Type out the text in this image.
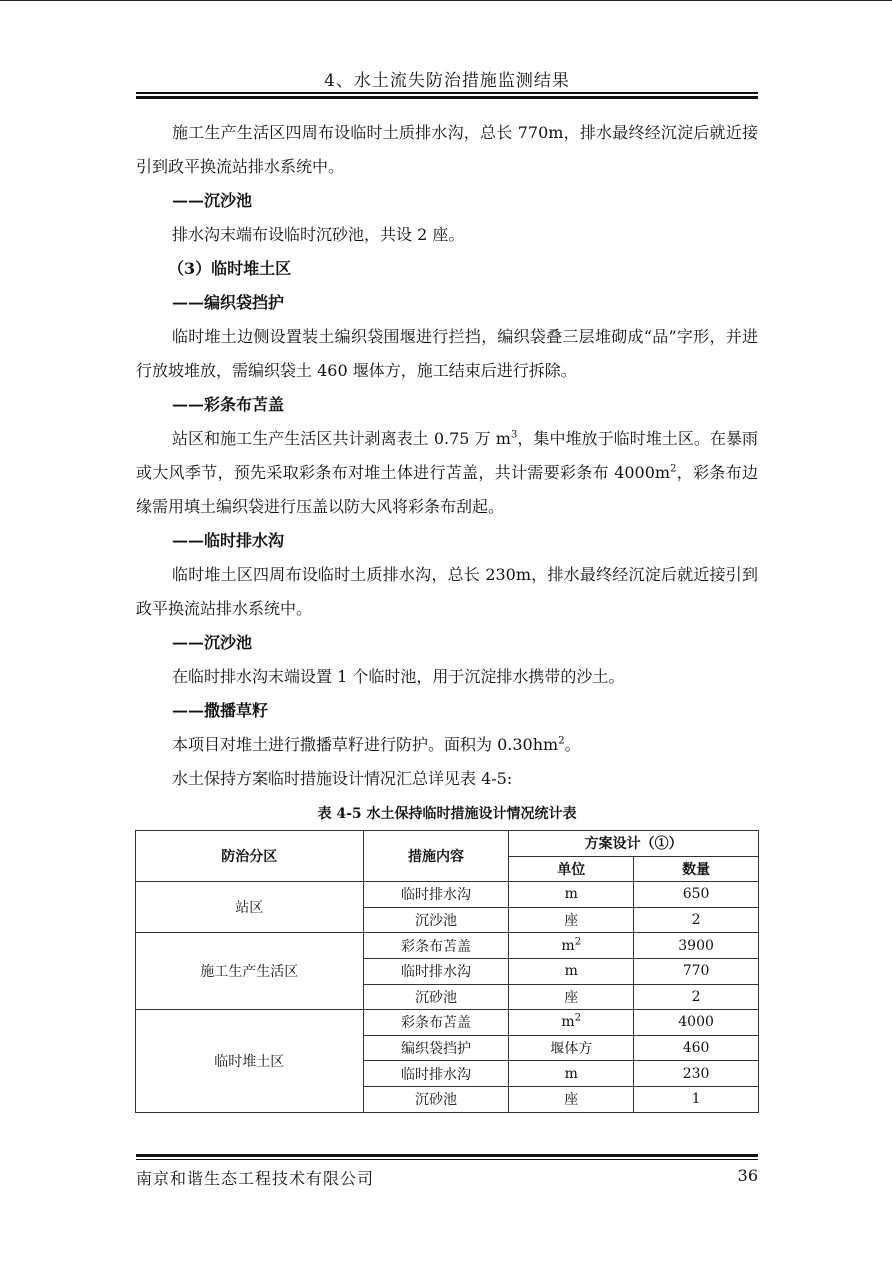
4、水土流失防治措施监测结果

施工生产生活区四周布设临时土质排水沟，总长 770m，排水最终经沉淀后就近接引到政平换流站排水系统中。

——沉沙池

排水沟末端布设临时沉砂池，共设 2 座。

（3）临时堆土区

——编织袋挡护

临时堆土边侧设置装土编织袋围堰进行拦挡，编织袋叠三层堆砌成“品”字形，并进行放坡堆放，需编织袋土 460 堰体方，施工结束后进行拆除。

——彩条布苫盖

站区和施工生产生活区共计剥离表土 0.75 万 $m^3$，集中堆放于临时堆土区。在暴雨或大风季节，预先采取彩条布对堆土体进行苫盖，共计需要彩条布 $4000m^2$，彩条布边缘需用填土编织袋进行压盖以防大风将彩条布刮起。

——临时排水沟

临时堆土区四周布设临时土质排水沟，总长 230m，排水最终经沉淀后就近接引到政平换流站排水系统中。

——沉沙池

在临时排水沟末端设置 1 个临时池，用于沉淀排水携带的沙土。

——撒播草籽

本项目对堆土进行撒播草籽进行防护。面积为 $0.30hm^2$。

水土保持方案临时措施设计情况汇总详见表 4-5:

表 4-5 水土保持临时措施设计情况统计表
防治分区	措施内容	方案设计（①）	
		单位	数量
站区	临时排水沟	m	650
	沉沙池	座	2
施工生产生活区	彩条布苫盖	$m^2$	3900
	临时排水沟	m	770
	沉砂池	座	2
临时堆土区	彩条布苫盖	$m^2$	4000
	编织袋挡护	堰体方	460
	临时排水沟	m	230
	沉砂池	座	1
南京和谐生态工程技术有限公司	36
